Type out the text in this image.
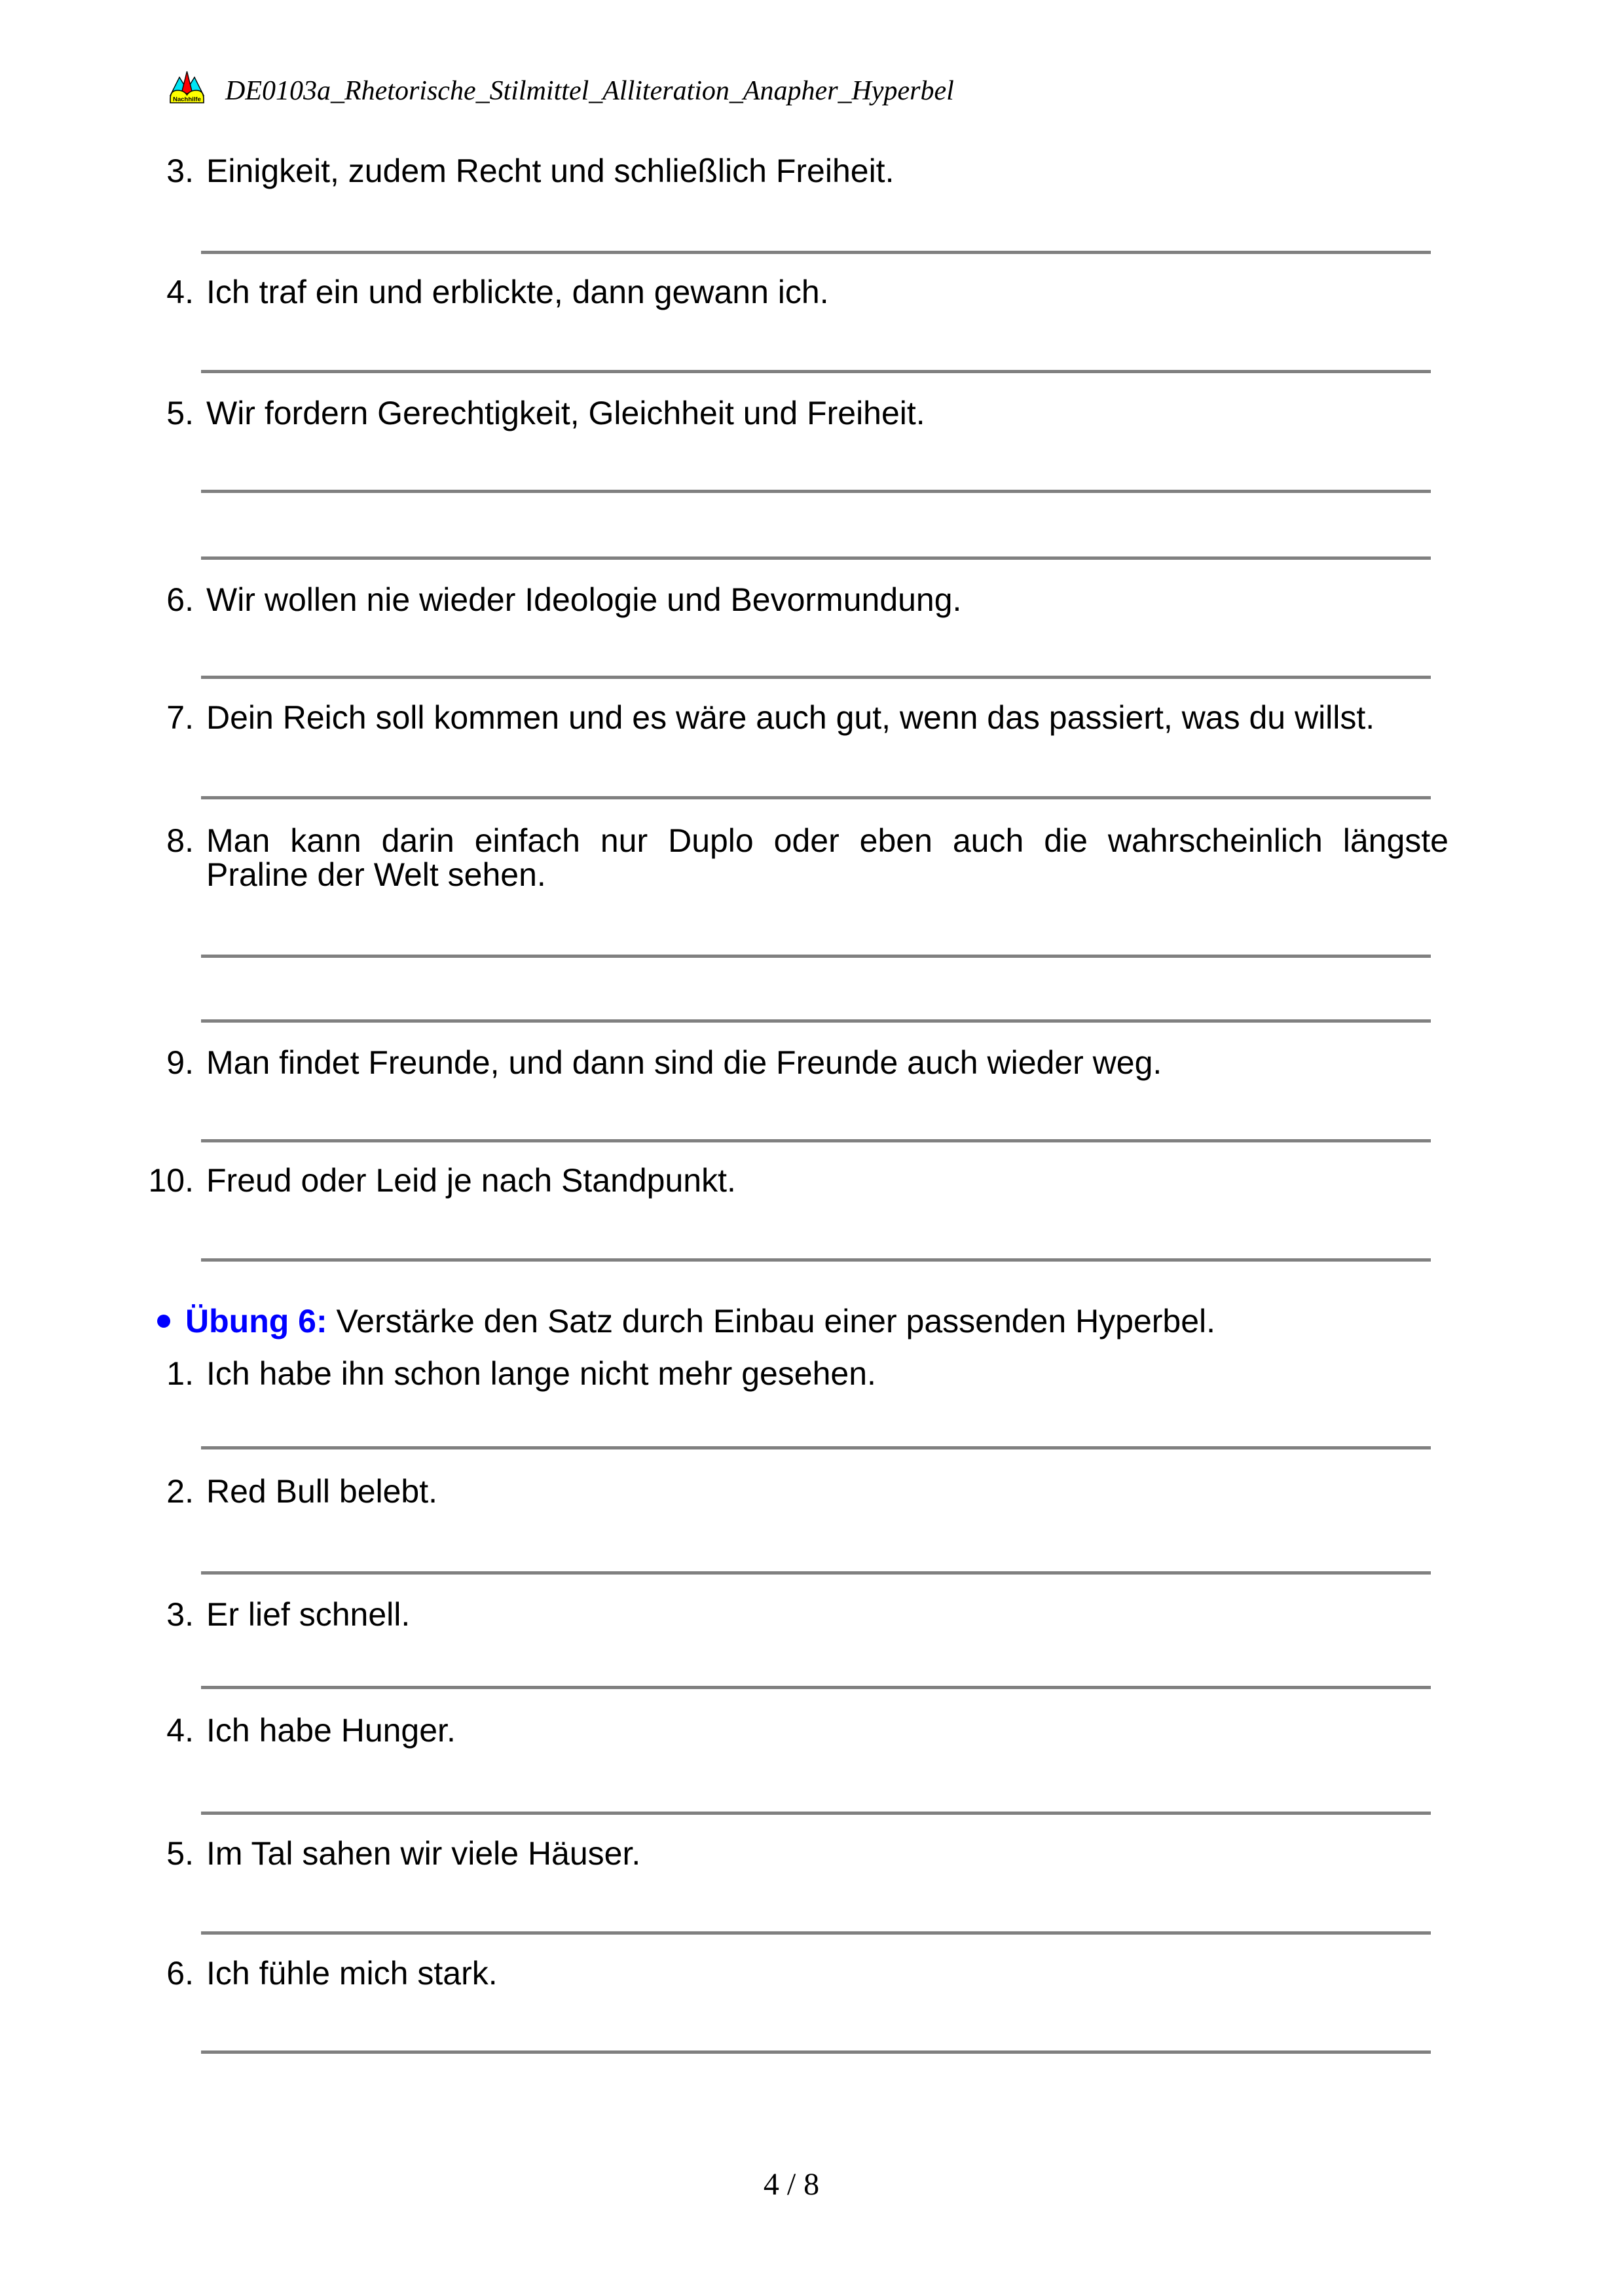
Nachhilfe DE0103a_Rhetorische_Stilmittel_Alliteration_Anapher_Hyperbel
3. Einigkeit, zudem Recht und schließlich Freiheit.
4. Ich traf ein und erblickte, dann gewann ich.
5. Wir fordern Gerechtigkeit, Gleichheit und Freiheit.
6. Wir wollen nie wieder Ideologie und Bevormundung.
7. Dein Reich soll kommen und es wäre auch gut, wenn das passiert, was du willst.
8. Man kann darin einfach nur Duplo oder eben auch die wahrscheinlich längste
Praline der Welt sehen.
9. Man findet Freunde, und dann sind die Freunde auch wieder weg.
10. Freud oder Leid je nach Standpunkt.
Übung 6: Verstärke den Satz durch Einbau einer passenden Hyperbel.
1. Ich habe ihn schon lange nicht mehr gesehen.
2. Red Bull belebt.
3. Er lief schnell.
4. Ich habe Hunger.
5. Im Tal sahen wir viele Häuser.
6. Ich fühle mich stark.
4 / 8
